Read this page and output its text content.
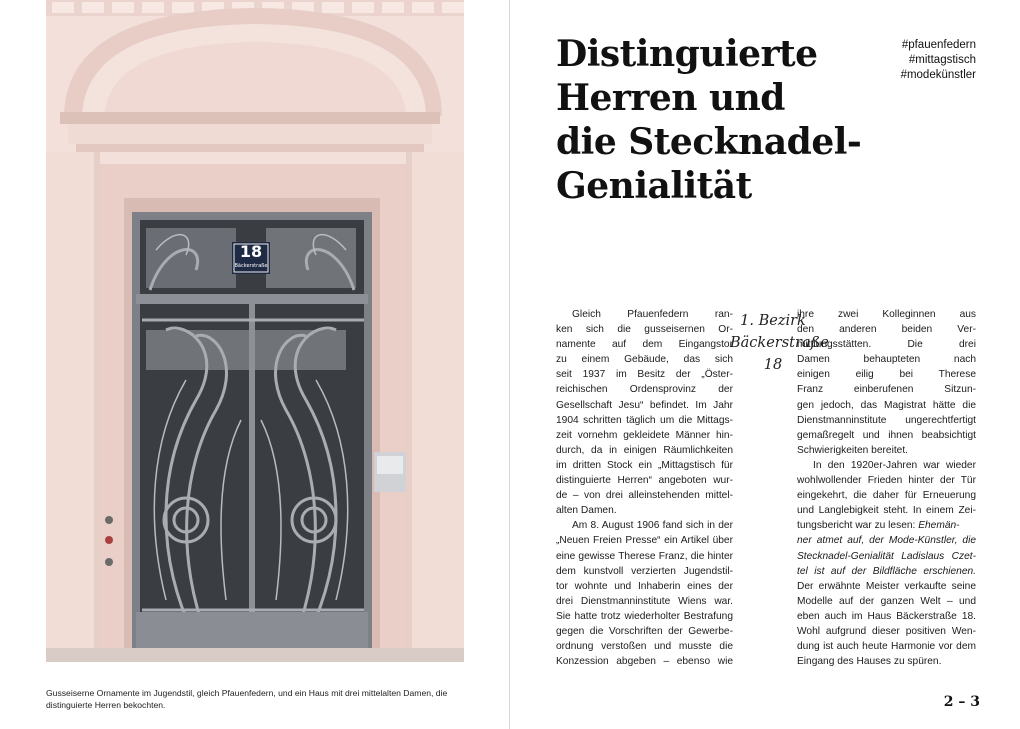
18
Bäckerstraße
Gusseiserne Ornamente im Jugendstil, gleich Pfauenfedern, und ein Haus mit drei mittelalten Damen, die distinguierte Herren bekochten.
Distinguierte
Herren und
die Stecknadel-
Genialität
#pfauenfedern
#mittagstisch
#modekünstler
1. Bezirk
Bäckerstraße
18
Gleich Pfauenfedern ran-
ken sich die gusseisernen Or-
namente auf dem Eingangstor
zu einem Gebäude, das sich
seit 1937 im Besitz der „Öster-
reichischen Ordensprovinz der
Gesellschaft Jesu“ befindet. Im Jahr
1904 schritten täglich um die Mittags-
zeit vornehm gekleidete Männer hin-
durch, da in einigen Räumlichkeiten
im dritten Stock ein „Mittagstisch für
distinguierte Herren“ angeboten wur-
de – von drei alleinstehenden mittel-
alten Damen.
Am 8. August 1906 fand sich in der
„Neuen Freien Presse“ ein Artikel über
eine gewisse Therese Franz, die hinter
dem kunstvoll verzierten Jugendstil-
tor wohnte und Inhaberin eines der
drei Dienstmanninstitute Wiens war.
Sie hatte trotz wiederholter Bestrafung
gegen die Vorschriften der Gewerbe-
ordnung verstoßen und musste die
Konzession abgeben – ebenso wie
ihre zwei Kolleginnen aus
den anderen beiden Ver-
mittlungsstätten. Die drei
Damen behaupteten nach
einigen eilig bei Therese
Franz einberufenen Sitzun-
gen jedoch, das Magistrat hätte die
Dienstmanninstitute ungerechtfertigt
gemaßregelt und ihnen beabsichtigt
Schwierigkeiten bereitet.
In den 1920er-Jahren war wieder
wohlwollender Frieden hinter der Tür
eingekehrt, die daher für Erneuerung
und Langlebigkeit steht. In einem Zei-
tungsbericht war zu lesen: Ehemän-
ner atmet auf, der Mode-Künstler, die
Stecknadel-Genialität Ladislaus Czet-
tel ist auf der Bildfläche erschienen.
Der erwähnte Meister verkaufte seine
Modelle auf der ganzen Welt – und
eben auch im Haus Bäckerstraße 18.
Wohl aufgrund dieser positiven Wen-
dung ist auch heute Harmonie vor dem
Eingang des Hauses zu spüren.
2 – 3
